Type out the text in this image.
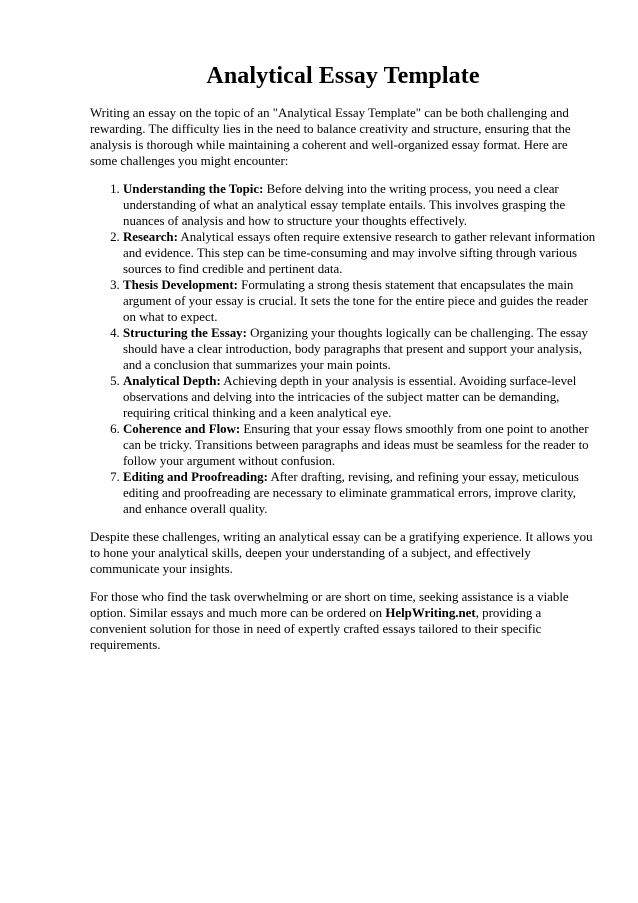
Analytical Essay Template

Writing an essay on the topic of an "Analytical Essay Template" can be both challenging and rewarding. The difficulty lies in the need to balance creativity and structure, ensuring that the analysis is thorough while maintaining a coherent and well-organized essay format. Here are some challenges you might encounter:

1. Understanding the Topic: Before delving into the writing process, you need a clear understanding of what an analytical essay template entails. This involves grasping the nuances of analysis and how to structure your thoughts effectively.
2. Research: Analytical essays often require extensive research to gather relevant information and evidence. This step can be time-consuming and may involve sifting through various sources to find credible and pertinent data.
3. Thesis Development: Formulating a strong thesis statement that encapsulates the main argument of your essay is crucial. It sets the tone for the entire piece and guides the reader on what to expect.
4. Structuring the Essay: Organizing your thoughts logically can be challenging. The essay should have a clear introduction, body paragraphs that present and support your analysis, and a conclusion that summarizes your main points.
5. Analytical Depth: Achieving depth in your analysis is essential. Avoiding surface-level observations and delving into the intricacies of the subject matter can be demanding, requiring critical thinking and a keen analytical eye.
6. Coherence and Flow: Ensuring that your essay flows smoothly from one point to another can be tricky. Transitions between paragraphs and ideas must be seamless for the reader to follow your argument without confusion.
7. Editing and Proofreading: After drafting, revising, and refining your essay, meticulous editing and proofreading are necessary to eliminate grammatical errors, improve clarity, and enhance overall quality.

Despite these challenges, writing an analytical essay can be a gratifying experience. It allows you to hone your analytical skills, deepen your understanding of a subject, and effectively communicate your insights.

For those who find the task overwhelming or are short on time, seeking assistance is a viable option. Similar essays and much more can be ordered on HelpWriting.net, providing a convenient solution for those in need of expertly crafted essays tailored to their specific requirements.
